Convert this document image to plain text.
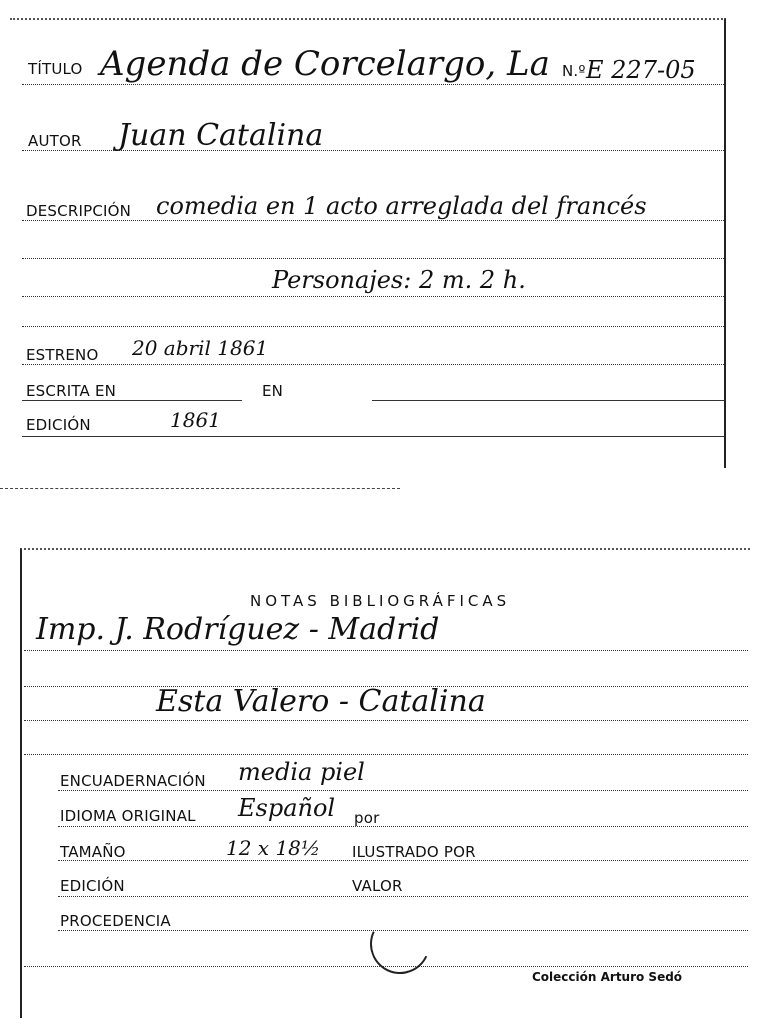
TÍTULO Agenda de Corcelargo, La N.º E 227-05
AUTOR Juan Catalina
DESCRIPCIÓN comedia en 1 acto arreglada del francés
Personajes: 2 m. 2 h.
ESTRENO 20 abril 1861
ESCRITA EN	EN
EDICIÓN	1861
NOTAS BIBLIOGRÁFICAS
Imp. J. Rodríguez - Madrid
Esta Valero - Catalina
ENCUADERNACIÓN media piel
IDIOMA ORIGINAL Español por
TAMAÑO	12 x 18½ ILUSTRADO POR
EDICIÓN	VALOR
PROCEDENCIA
Colección Arturo Sedó
